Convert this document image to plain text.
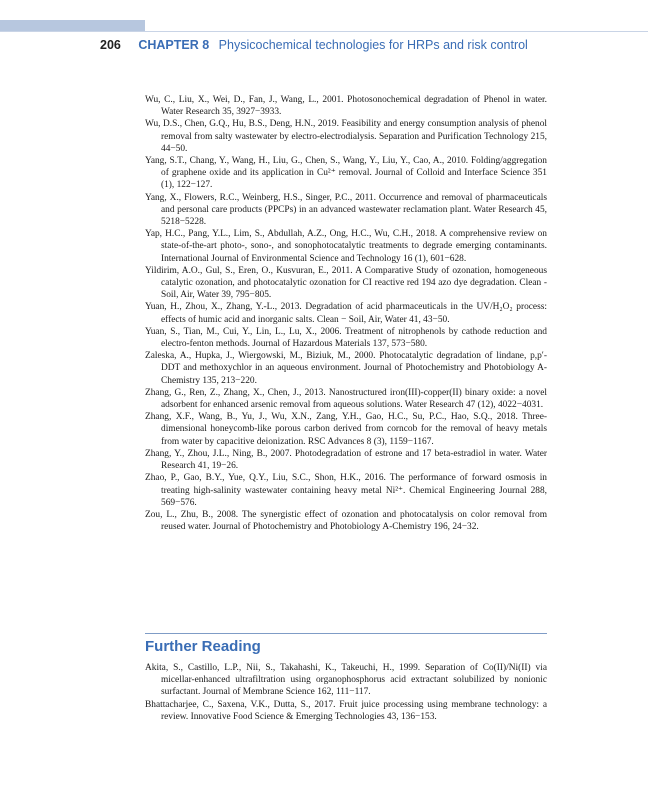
206 CHAPTER 8 Physicochemical technologies for HRPs and risk control

Wu, C., Liu, X., Wei, D., Fan, J., Wang, L., 2001. Photosonochemical degradation of Phenol in water. Water Research 35, 3927−3933.

Wu, D.S., Chen, G.Q., Hu, B.S., Deng, H.N., 2019. Feasibility and energy consumption analysis of phenol removal from salty wastewater by electro-electrodialysis. Separation and Purification Technology 215, 44−50.

Yang, S.T., Chang, Y., Wang, H., Liu, G., Chen, S., Wang, Y., Liu, Y., Cao, A., 2010. Folding/aggregation of graphene oxide and its application in Cu²⁺ removal. Journal of Colloid and Interface Science 351 (1), 122−127.

Yang, X., Flowers, R.C., Weinberg, H.S., Singer, P.C., 2011. Occurrence and removal of pharmaceuticals and personal care products (PPCPs) in an advanced wastewater reclamation plant. Water Research 45, 5218−5228.

Yap, H.C., Pang, Y.L., Lim, S., Abdullah, A.Z., Ong, H.C., Wu, C.H., 2018. A comprehensive review on state-of-the-art photo-, sono-, and sonophotocatalytic treatments to degrade emerging contaminants. International Journal of Environmental Science and Technology 16 (1), 601−628.

Yildirim, A.O., Gul, S., Eren, O., Kusvuran, E., 2011. A Comparative Study of ozonation, homogeneous catalytic ozonation, and photocatalytic ozonation for CI reactive red 194 azo dye degradation. Clean - Soil, Air, Water 39, 795−805.

Yuan, H., Zhou, X., Zhang, Y.-L., 2013. Degradation of acid pharmaceuticals in the UV/H₂O₂ process: effects of humic acid and inorganic salts. Clean − Soil, Air, Water 41, 43−50.

Yuan, S., Tian, M., Cui, Y., Lin, L., Lu, X., 2006. Treatment of nitrophenols by cathode reduction and electro-fenton methods. Journal of Hazardous Materials 137, 573−580.

Zaleska, A., Hupka, J., Wiergowski, M., Biziuk, M., 2000. Photocatalytic degradation of lindane, p,p′-DDT and methoxychlor in an aqueous environment. Journal of Photochemistry and Photobiology A-Chemistry 135, 213−220.

Zhang, G., Ren, Z., Zhang, X., Chen, J., 2013. Nanostructured iron(III)-copper(II) binary oxide: a novel adsorbent for enhanced arsenic removal from aqueous solutions. Water Research 47 (12), 4022−4031.

Zhang, X.F., Wang, B., Yu, J., Wu, X.N., Zang, Y.H., Gao, H.C., Su, P.C., Hao, S.Q., 2018. Three-dimensional honeycomb-like porous carbon derived from corncob for the removal of heavy metals from water by capacitive deionization. RSC Advances 8 (3), 1159−1167.

Zhang, Y., Zhou, J.L., Ning, B., 2007. Photodegradation of estrone and 17 beta-estradiol in water. Water Research 41, 19−26.

Zhao, P., Gao, B.Y., Yue, Q.Y., Liu, S.C., Shon, H.K., 2016. The performance of forward osmosis in treating high-salinity wastewater containing heavy metal Ni²⁺. Chemical Engineering Journal 288, 569−576.

Zou, L., Zhu, B., 2008. The synergistic effect of ozonation and photocatalysis on color removal from reused water. Journal of Photochemistry and Photobiology A-Chemistry 196, 24−32.

Further Reading

Akita, S., Castillo, L.P., Nii, S., Takahashi, K., Takeuchi, H., 1999. Separation of Co(II)/Ni(II) via micellar-enhanced ultrafiltration using organophosphorus acid extractant solubilized by nonionic surfactant. Journal of Membrane Science 162, 111−117.

Bhattacharjee, C., Saxena, V.K., Dutta, S., 2017. Fruit juice processing using membrane technology: a review. Innovative Food Science & Emerging Technologies 43, 136−153.
